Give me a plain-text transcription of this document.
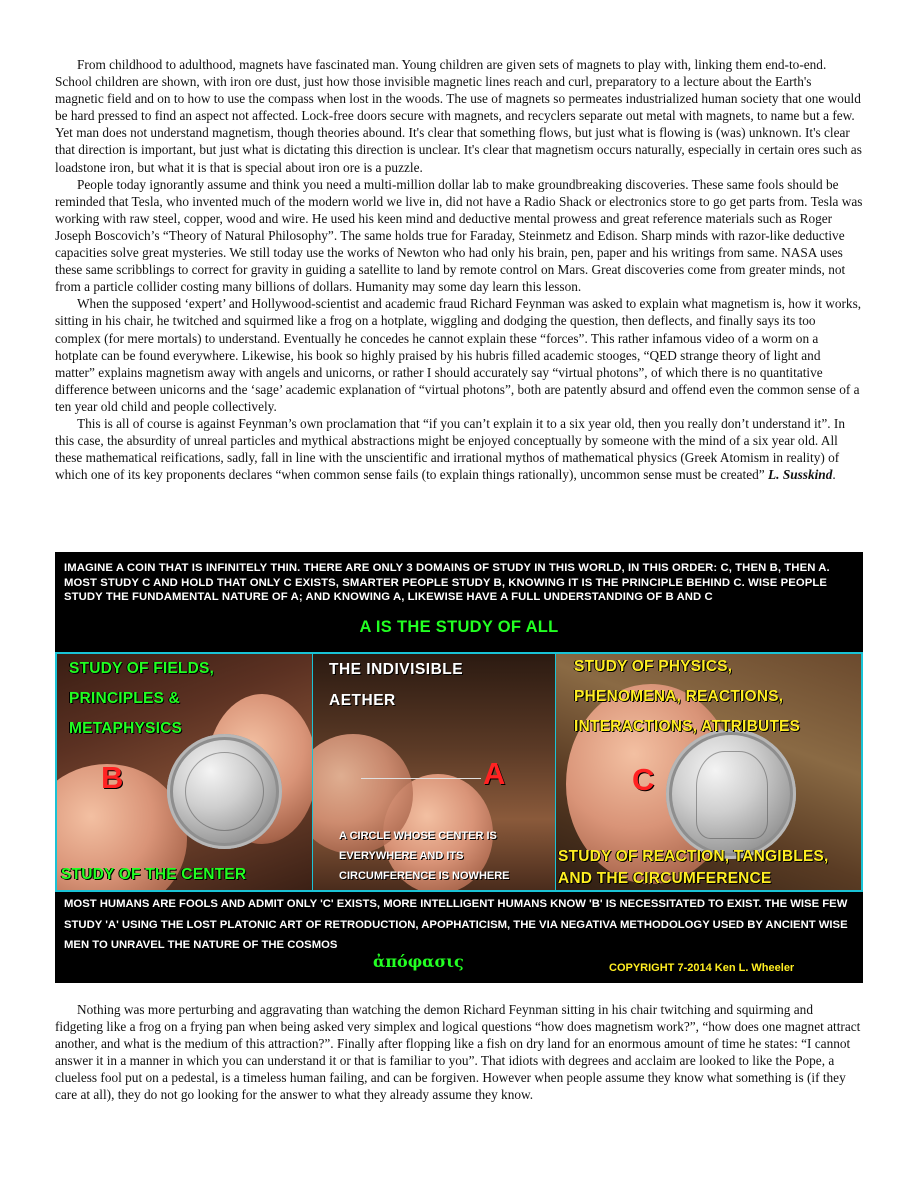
From childhood to adulthood, magnets have fascinated man. Young children are given sets of magnets to play with, linking them end-to-end. School children are shown, with iron ore dust, just how those invisible magnetic lines reach and curl, preparatory to a lecture about the Earth's magnetic field and on to how to use the compass when lost in the woods. The use of magnets so permeates industrialized human society that one would be hard pressed to find an aspect not affected. Lock-free doors secure with magnets, and recyclers separate out metal with magnets, to name but a few. Yet man does not understand magnetism, though theories abound. It's clear that something flows, but just what is flowing is (was) unknown. It's clear that direction is important, but just what is dictating this direction is unclear. It's clear that magnetism occurs naturally, especially in certain ores such as loadstone iron, but what it is that is special about iron ore is a puzzle.

People today ignorantly assume and think you need a multi-million dollar lab to make groundbreaking discoveries. These same fools should be reminded that Tesla, who invented much of the modern world we live in, did not have a Radio Shack or electronics store to go get parts from. Tesla was working with raw steel, copper, wood and wire. He used his keen mind and deductive mental prowess and great reference materials such as Roger Joseph Boscovich’s “Theory of Natural Philosophy”. The same holds true for Faraday, Steinmetz and Edison. Sharp minds with razor-like deductive capacities solve great mysteries. We still today use the works of Newton who had only his brain, pen, paper and his writings from same. NASA uses these same scribblings to correct for gravity in guiding a satellite to land by remote control on Mars. Great discoveries come from greater minds, not from a particle collider costing many billions of dollars. Humanity may some day learn this lesson.

When the supposed ‘expert’ and Hollywood-scientist and academic fraud Richard Feynman was asked to explain what magnetism is, how it works, sitting in his chair, he twitched and squirmed like a frog on a hotplate, wiggling and dodging the question, then deflects, and finally says its too complex (for mere mortals) to understand. Eventually he concedes he cannot explain these “forces”. This rather infamous video of a worm on a hotplate can be found everywhere. Likewise, his book so highly praised by his hubris filled academic stooges, “QED strange theory of light and matter” explains magnetism away with angels and unicorns, or rather I should accurately say “virtual photons”, of which there is no quantitative difference between unicorns and the ‘sage’ academic explanation of “virtual photons”, both are patently absurd and offend even the common sense of a ten year old child and people collectively.

This is all of course is against Feynman’s own proclamation that “if you can’t explain it to a six year old, then you really don’t understand it”. In this case, the absurdity of unreal particles and mythical abstractions might be enjoyed conceptually by someone with the mind of a six year old. All these mathematical reifications, sadly, fall in line with the unscientific and irrational mythos of mathematical physics (Greek Atomism in reality) of which one of its key proponents declares “when common sense fails (to explain things rationally), uncommon sense must be created” L. Susskind.

IMAGINE A COIN THAT IS INFINITELY THIN. THERE ARE ONLY 3 DOMAINS OF STUDY IN THIS WORLD, IN THIS ORDER: C, THEN B, THEN A. MOST STUDY C AND HOLD THAT ONLY C EXISTS, SMARTER PEOPLE STUDY B, KNOWING IT IS THE PRINCIPLE BEHIND C. WISE PEOPLE STUDY THE FUNDAMENTAL NATURE OF A; AND KNOWING A, LIKEWISE HAVE A FULL UNDERSTANDING OF B AND C
A IS THE STUDY OF ALL
STUDY OF FIELDS,
PRINCIPLES &
METAPHYSICS
B
STUDY OF THE CENTER
THE INDIVISIBLE
AETHER
A
A CIRCLE WHOSE CENTER IS
EVERYWHERE AND ITS
CIRCUMFERENCE IS NOWHERE
STUDY OF PHYSICS,
PHENOMENA, REACTIONS,
INTERACTIONS, ATTRIBUTES
C
STUDY OF REACTION, TANGIBLES,
AND THE CIRCUMFERENCE
MOST HUMANS ARE FOOLS AND ADMIT ONLY 'C' EXISTS, MORE INTELLIGENT HUMANS KNOW 'B' IS NECESSITATED TO EXIST. THE WISE FEW STUDY 'A' USING THE LOST PLATONIC ART OF RETRODUCTION, APOPHATICISM, THE VIA NEGATIVA METHODOLOGY USED BY ANCIENT WISE MEN TO UNRAVEL THE NATURE OF THE COSMOS
ἀπόφασις	COPYRIGHT 7-2014 Ken L. Wheeler

Nothing was more perturbing and aggravating than watching the demon Richard Feynman sitting in his chair twitching and squirming and fidgeting like a frog on a frying pan when being asked very simplex and logical questions “how does magnetism work?”, “how does one magnet attract another, and what is the medium of this attraction?”. Finally after flopping like a fish on dry land for an enormous amount of time he states: “I cannot answer it in a manner in which you can understand it or that is familiar to you”. That idiots with degrees and acclaim are looked to like the Pope, a clueless fool put on a pedestal, is a timeless human failing, and can be forgiven. However when people assume they know what something is (if they care at all), they do not go looking for the answer to what they already assume they know.
